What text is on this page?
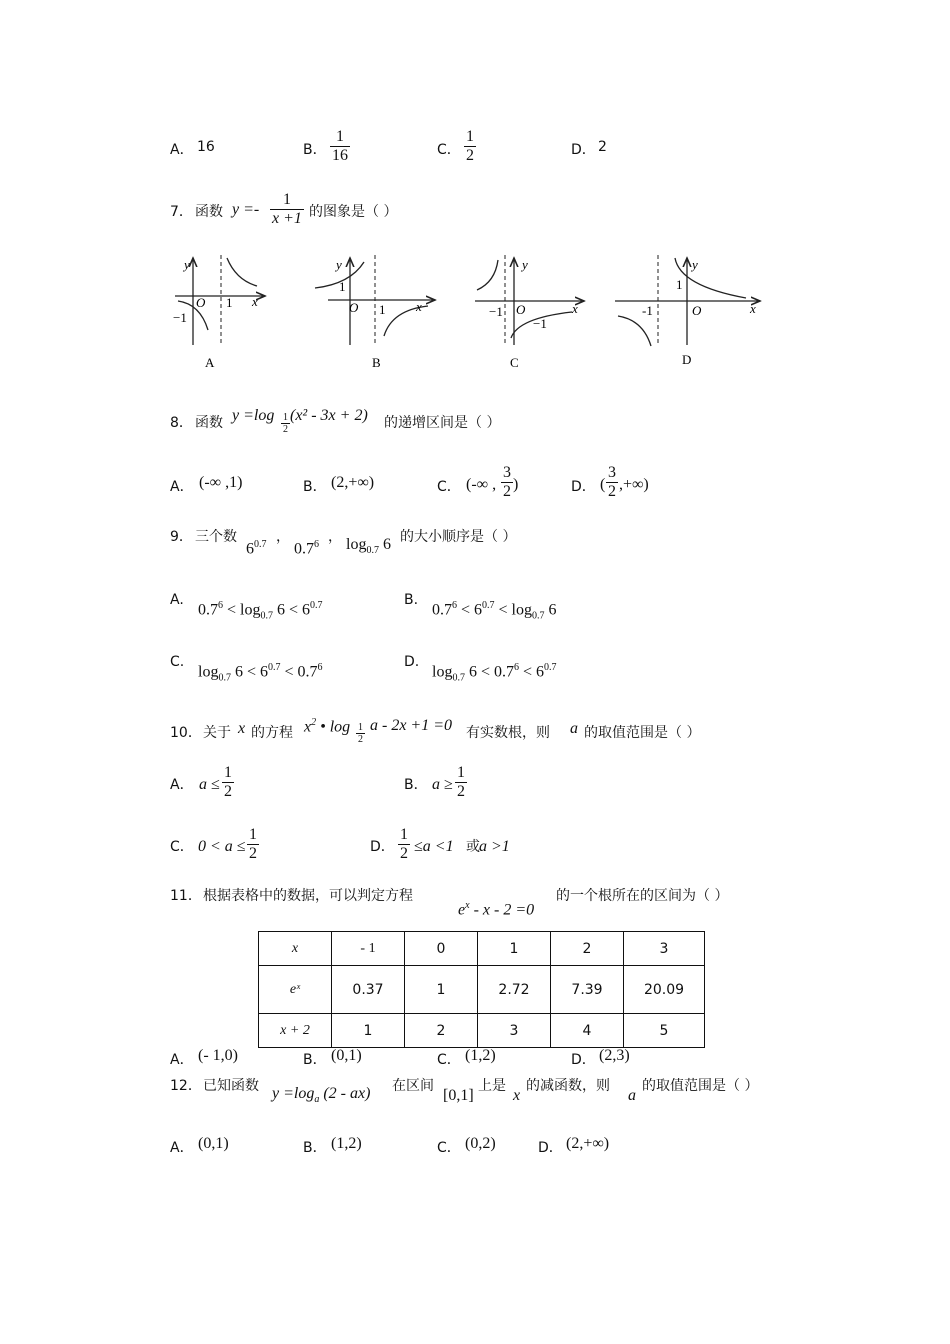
A． 16	B． $\frac{1}{16}$	C． $\frac{1}{2}$	D． 2
7． 函数 $y =- \frac{1}{x +1}$ 的图象是（ ）
y
x
O 1
−1
A
y
x
O 1
1
B
y
x
O
−1
−1
C
y
x
O
-1
1
D
8． 函数 $y =\log \frac{1}{2} (x^2 - 3x + 2)$ 的递增区间是（ ）
A． (-∞ ,1)	B． (2,+∞)	C． (-∞ , $\frac{3}{2}$ )	D． ( $\frac{3}{2}$ ,+∞)
9． 三个数
$6^{0.7}$ ，
$0.7^6$ ， $\log_{0.7} 6$ 的大小顺序是（ ）
A.
$0.7^6 < \log_{0.7} 6 < 6^{0.7}$	B.
$0.7^6 < 6^{0.7} < \log_{0.7} 6$
C.
$\log_{0.7} 6 < 6^{0.7} < 0.7^6$	D.
$\log_{0.7} 6 < 0.7^6 < 6^{0.7}$
10． 关于 x 的方程 $x^2$ • $\log \frac{1}{2}$ a - 2x +1 =0 有实数根，则 a 的取值范围是（ ）
A． $a \le \frac{1}{2}$	B． $a \ge \frac{1}{2}$
C． $0 < a \le \frac{1}{2}$	D． $\frac{1}{2} \le a <1$ 或 a >1
11． 根据表格中的数据，可以判定方程
$e^x - x - 2 =0$
的一个根所在的区间为（ ）
x	- 1	0	1	2	3
eˣ	0.37	1	2.72	7.39	20.09
x + 2	1	2	3	4	5
A． (- 1,0)	B． (0,1)	C． (1,2)	D． (2,3)
12． 已知函数 $y =\log_a$ (2 - ax) 在区间
[0,1]
上是
x
的减函数，则
a
的取值范围是（ ）
A． (0,1)	B． (1,2)	C． (0,2)	D． (2,+∞)
